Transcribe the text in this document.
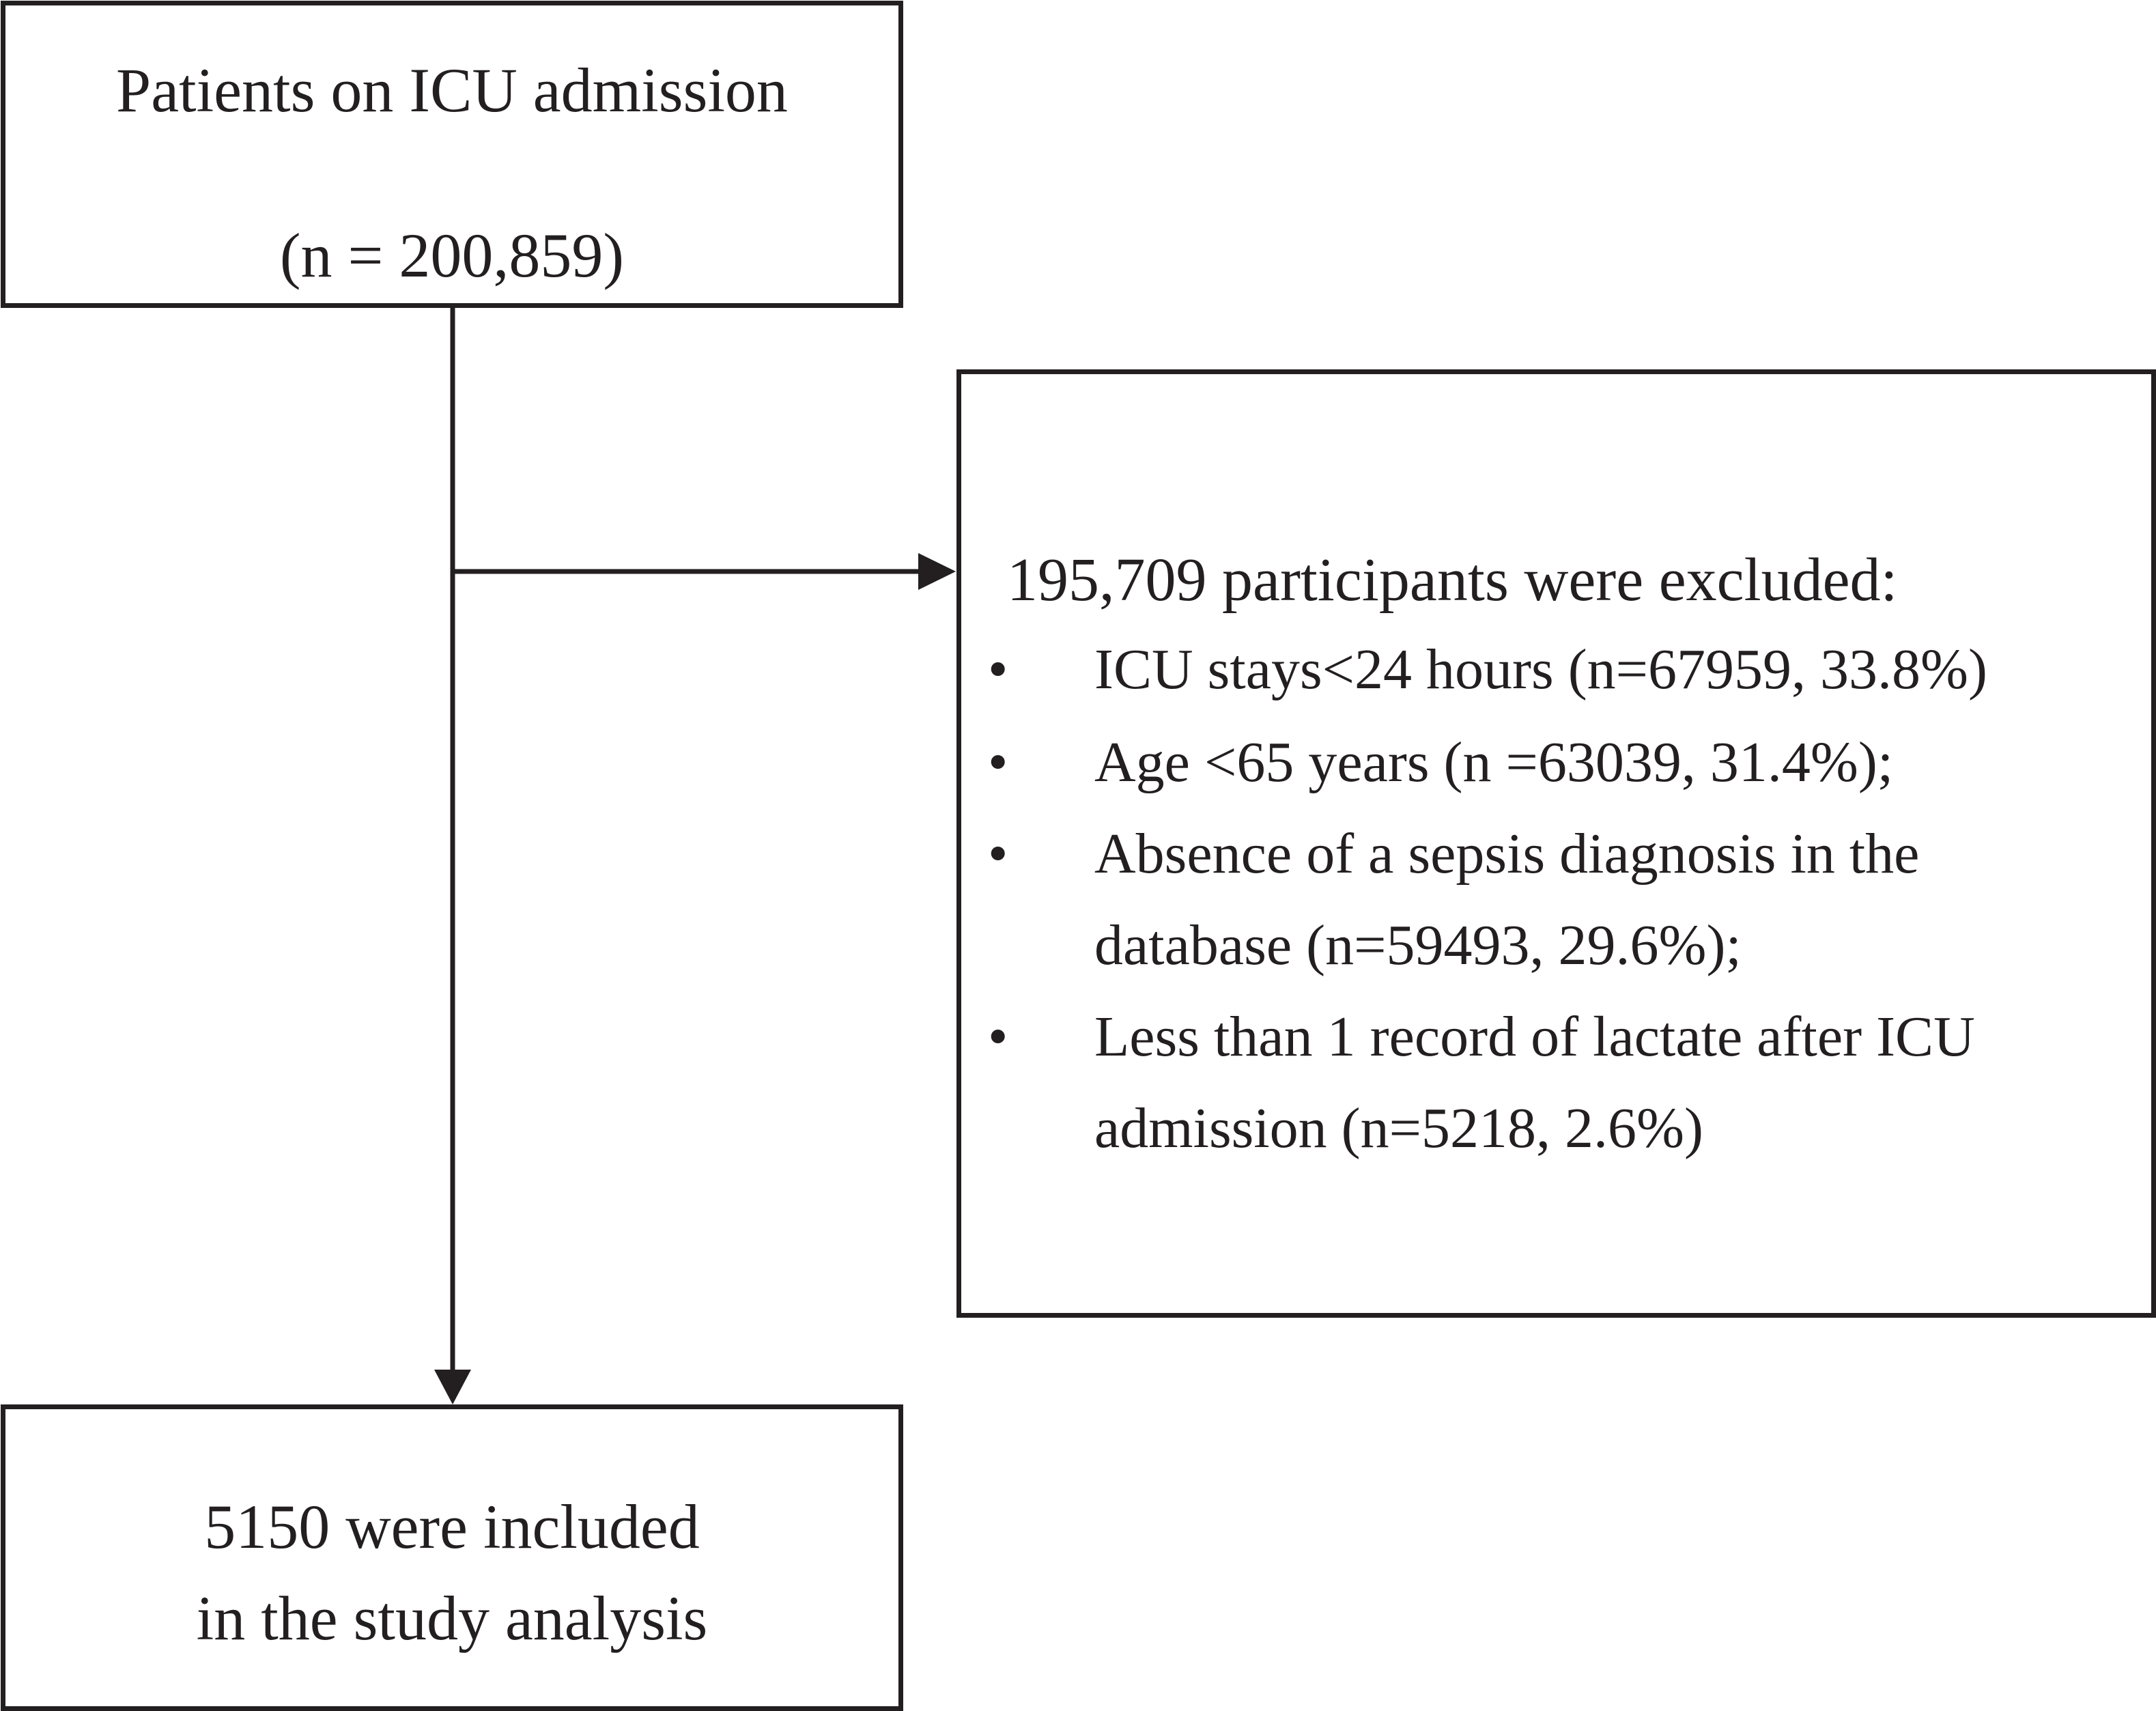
Patients on ICU admission
(n = 200,859)
195,709 participants were excluded:
• ICU stays<24 hours (n=67959, 33.8%)
• Age <65 years (n =63039, 31.4%);
• Absence of a sepsis diagnosis in the
database (n=59493, 29.6%);
• Less than 1 record of lactate after ICU
admission (n=5218, 2.6%)
5150 were included
in the study analysis
